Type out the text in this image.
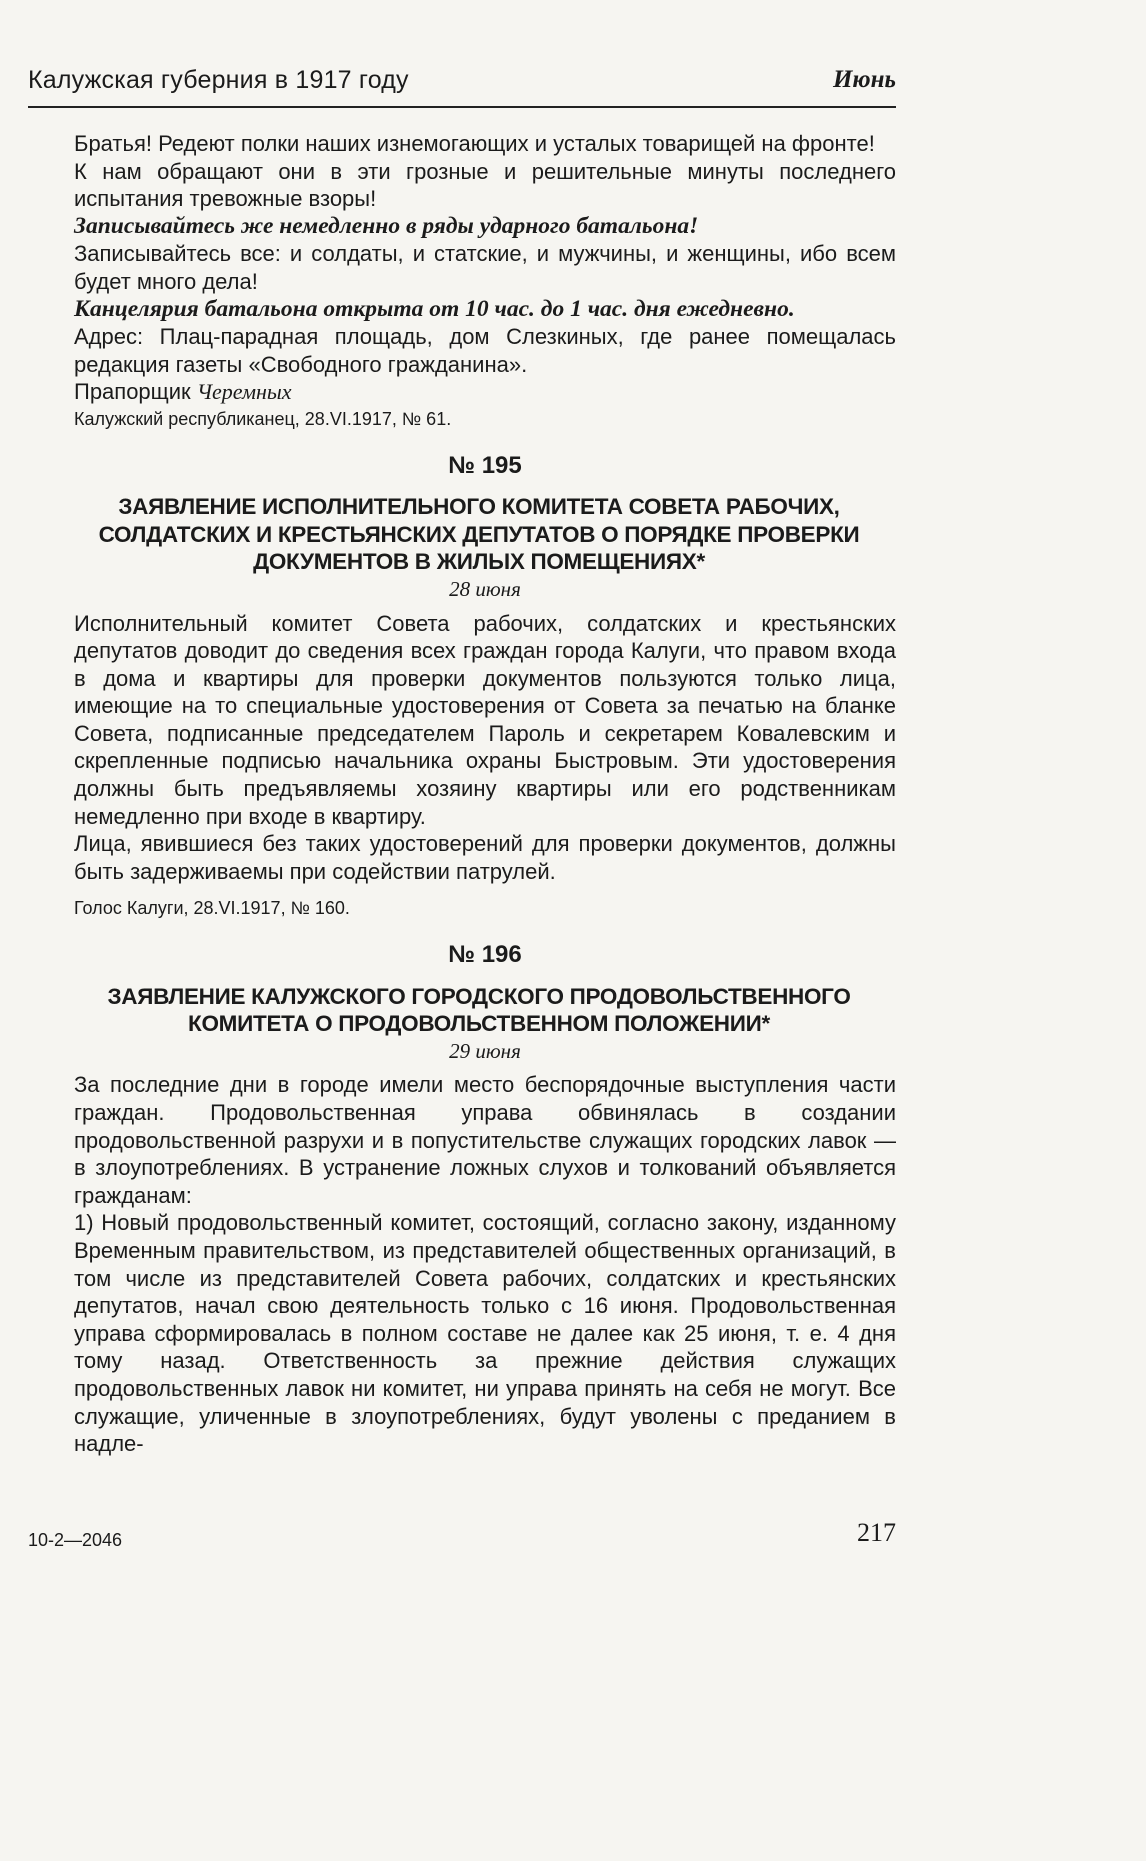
Калужская губерния в 1917 году	Июнь

Братья! Редеют полки наших изнемогающих и усталых товарищей на фронте!

К нам обращают они в эти грозные и решительные минуты последнего испытания тревожные взоры!

Записывайтесь же немедленно в ряды ударного батальона!

Записывайтесь все: и солдаты, и статские, и мужчины, и женщины, ибо всем будет много дела!

Канцелярия батальона открыта от 10 час. до 1 час. дня ежедневно.

Адрес: Плац-парадная площадь, дом Слезкиных, где ранее помещалась редакция газеты «Свободного гражданина».

Прапорщик Черемных

Калужский республиканец, 28.VI.1917, № 61.

№ 195
ЗАЯВЛЕНИЕ ИСПОЛНИТЕЛЬНОГО КОМИТЕТА СОВЕТА РАБОЧИХ, СОЛДАТСКИХ И КРЕСТЬЯНСКИХ ДЕПУТАТОВ О ПОРЯДКЕ ПРОВЕРКИ ДОКУМЕНТОВ В ЖИЛЫХ ПОМЕЩЕНИЯХ*
28 июня

Исполнительный комитет Совета рабочих, солдатских и крестьянских депутатов доводит до сведения всех граждан города Калуги, что правом входа в дома и квартиры для проверки документов пользуются только лица, имеющие на то специальные удостоверения от Совета за печатью на бланке Совета, подписанные председателем Пароль и секретарем Ковалевским и скрепленные подписью начальника охраны Быстровым. Эти удостоверения должны быть предъявляемы хозяину квартиры или его родственникам немедленно при входе в квартиру.

Лица, явившиеся без таких удостоверений для проверки документов, должны быть задерживаемы при содействии патрулей.

Голос Калуги, 28.VI.1917, № 160.

№ 196
ЗАЯВЛЕНИЕ КАЛУЖСКОГО ГОРОДСКОГО ПРОДОВОЛЬСТВЕННОГО КОМИТЕТА О ПРОДОВОЛЬСТВЕННОМ ПОЛОЖЕНИИ*
29 июня

За последние дни в городе имели место беспорядочные выступления части граждан. Продовольственная управа обвинялась в создании продовольственной разрухи и в попустительстве служащих городских лавок — в злоупотреблениях. В устранение ложных слухов и толкований объявляется гражданам:

1) Новый продовольственный комитет, состоящий, согласно закону, изданному Временным правительством, из представителей общественных организаций, в том числе из представителей Совета рабочих, солдатских и крестьянских депутатов, начал свою деятельность только с 16 июня. Продовольственная управа сформировалась в полном составе не далее как 25 июня, т. е. 4 дня тому назад. Ответственность за прежние действия служащих продовольственных лавок ни комитет, ни управа принять на себя не могут. Все служащие, уличенные в злоупотреблениях, будут уволены с преданием в надле-

10-2—2046	217
